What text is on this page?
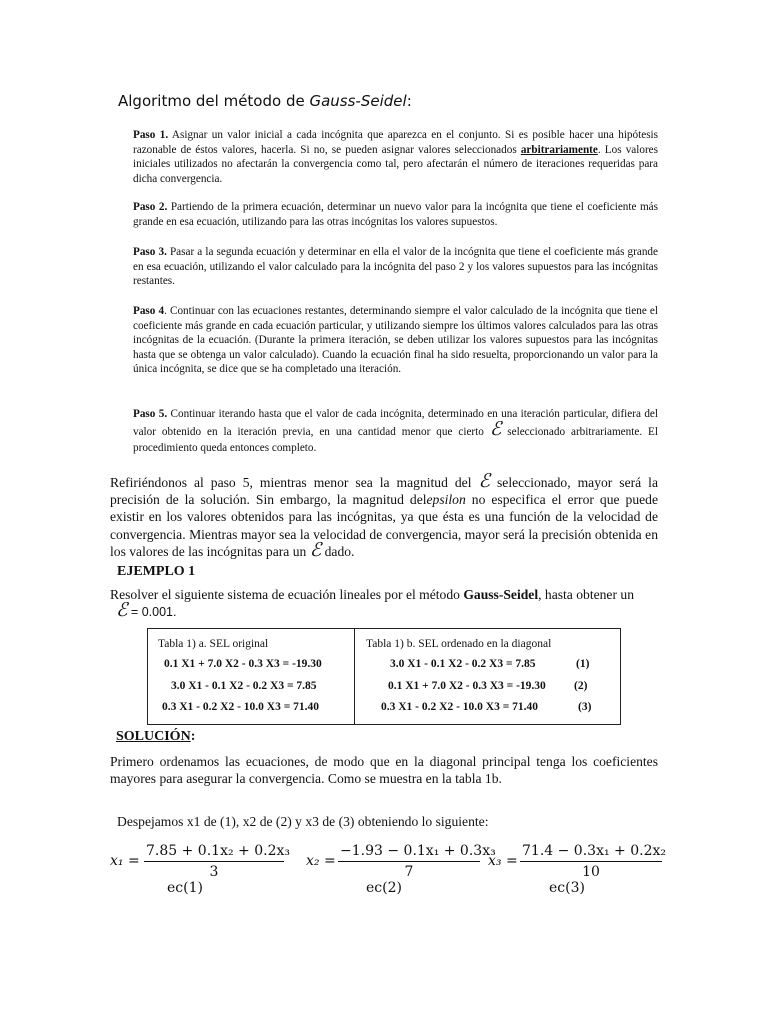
Algoritmo del método de Gauss-Seidel:
Paso 1. Asignar un valor inicial a cada incógnita que aparezca en el conjunto. Si es posible hacer una hipótesis razonable de éstos valores, hacerla. Si no, se pueden asignar valores seleccionados arbitrariamente. Los valores iniciales utilizados no afectarán la convergencia como tal, pero afectarán el número de iteraciones requeridas para dicha convergencia.
Paso 2. Partiendo de la primera ecuación, determinar un nuevo valor para la incógnita que tiene el coeficiente más grande en esa ecuación, utilizando para las otras incógnitas los valores supuestos.
Paso 3. Pasar a la segunda ecuación y determinar en ella el valor de la incógnita que tiene el coeficiente más grande en esa ecuación, utilizando el valor calculado para la incógnita del paso 2 y los valores supuestos para las incógnitas restantes.
Paso 4. Continuar con las ecuaciones restantes, determinando siempre el valor calculado de la incógnita que tiene el coeficiente más grande en cada ecuación particular, y utilizando siempre los últimos valores calculados para las otras incógnitas de la ecuación. (Durante la primera iteración, se deben utilizar los valores supuestos para las incógnitas hasta que se obtenga un valor calculado). Cuando la ecuación final ha sido resuelta, proporcionando un valor para la única incógnita, se dice que se ha completado una iteración.
Paso 5. Continuar iterando hasta que el valor de cada incógnita, determinado en una iteración particular, difiera del valor obtenido en la iteración previa, en una cantidad menor que cierto ℰ seleccionado arbitrariamente. El procedimiento queda entonces completo.
Refiriéndonos al paso 5, mientras menor sea la magnitud del ℰ seleccionado, mayor será la precisión de la solución. Sin embargo, la magnitud delepsilon no especifica el error que puede existir en los valores obtenidos para las incógnitas, ya que ésta es una función de la velocidad de convergencia. Mientras mayor sea la velocidad de convergencia, mayor será la precisión obtenida en los valores de las incógnitas para un ℰ dado.
EJEMPLO 1
Resolver el siguiente sistema de ecuación lineales por el método Gauss-Seidel, hasta obtener un
ℰ = 0.001.
Tabla 1) a. SEL original	Tabla 1) b. SEL ordenado en la diagonal
0.1 X1 + 7.0 X2 - 0.3 X3 = -19.30
3.0 X1 - 0.1 X2 - 0.2 X3 = 7.85
0.3 X1 - 0.2 X2 - 10.0 X3 = 71.40
3.0 X1 - 0.1 X2 - 0.2 X3 = 7.85
0.1 X1 + 7.0 X2 - 0.3 X3 = -19.30
0.3 X1 - 0.2 X2 - 10.0 X3 = 71.40
(1)
(2)
(3)
SOLUCIÓN:
Primero ordenamos las ecuaciones, de modo que en la diagonal principal tenga los coeficientes mayores para asegurar la convergencia. Como se muestra en la tabla 1b.
Despejamos x1 de (1), x2 de (2) y x3 de (3) obteniendo lo siguiente:
$x_1 = \frac{\text{7.85 + 0.1x₂ + 0.2x₃}}{3}$
ec(1)
$x_2 = \frac{\text{−1.93 − 0.1x₁ + 0.3x₃}}{7}$
ec(2)
$x_3 = \frac{\text{71.4 − 0.3x₁ + 0.2x₂}}{10}$
ec(3)
